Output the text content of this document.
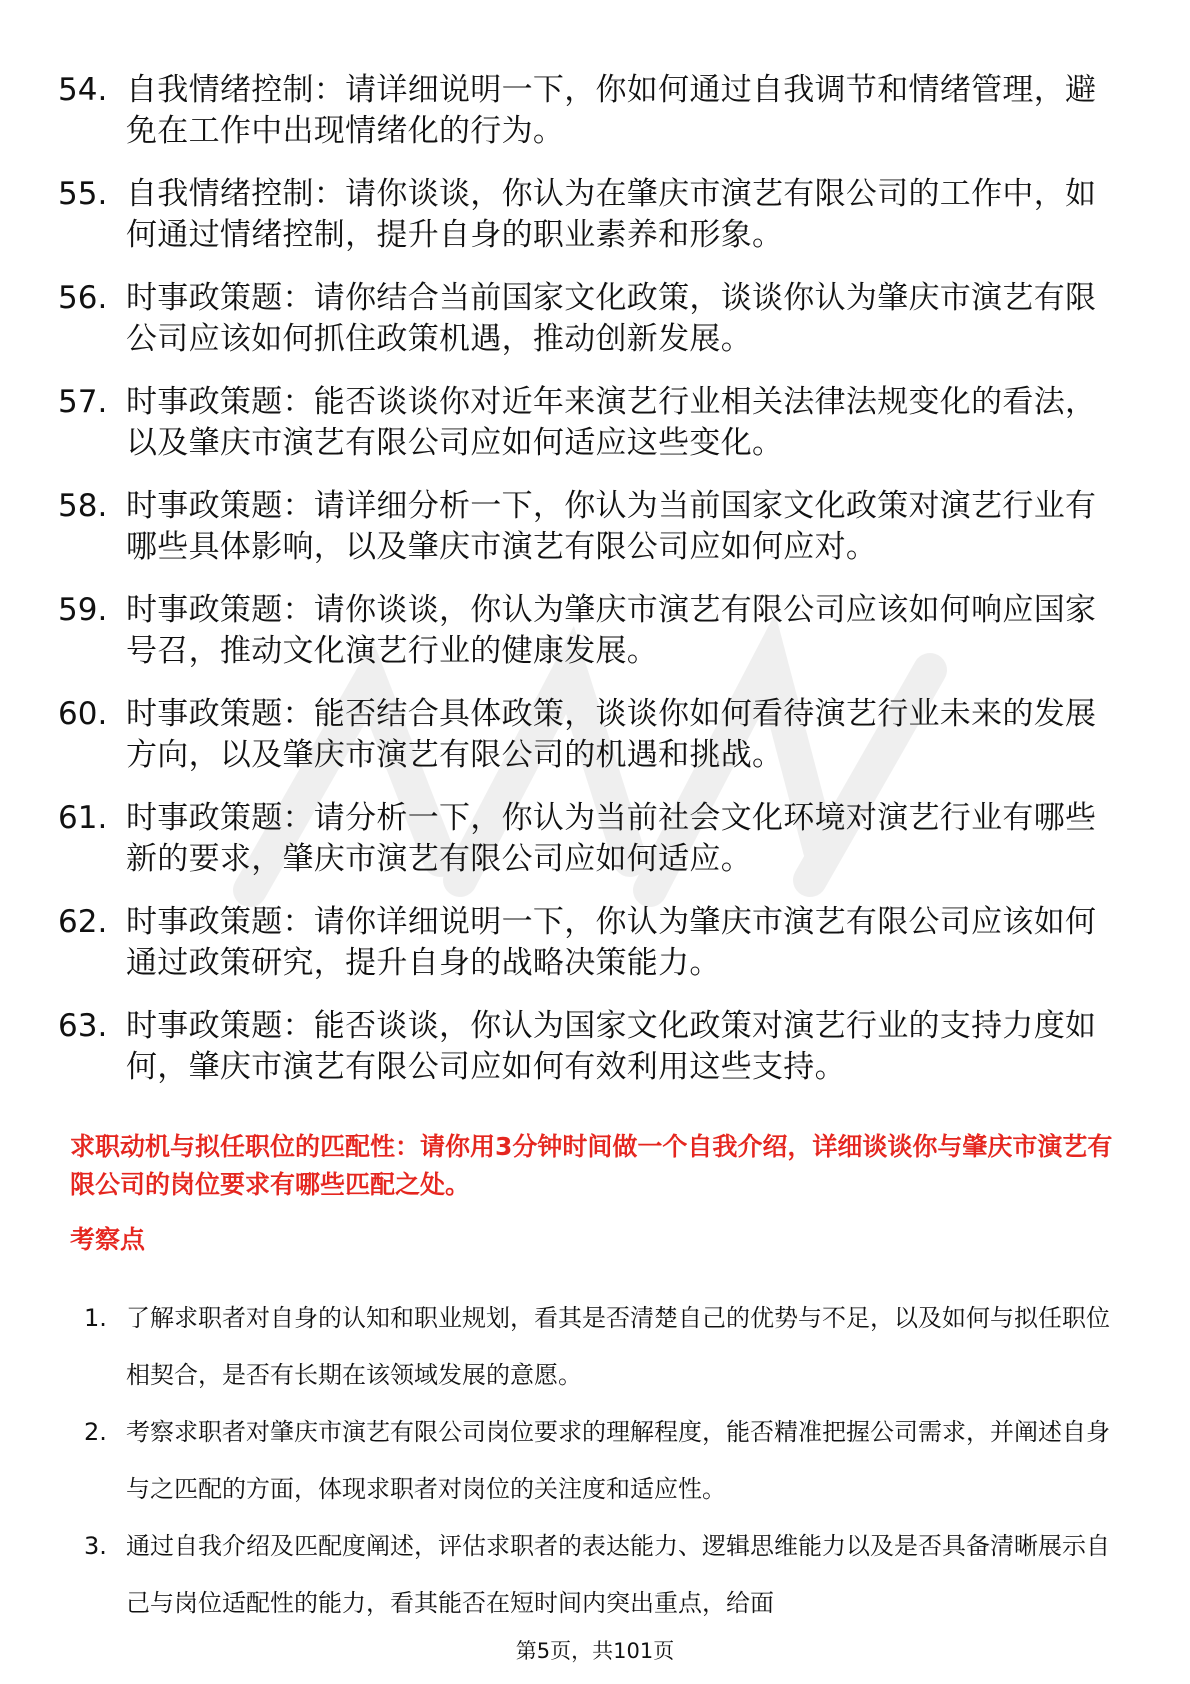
54. 自我情绪控制：请详细说明一下，你如何通过自我调节和情绪管理，避免在工作中出现情绪化的行为。
55. 自我情绪控制：请你谈谈，你认为在肇庆市演艺有限公司的工作中，如何通过情绪控制，提升自身的职业素养和形象。
56. 时事政策题：请你结合当前国家文化政策，谈谈你认为肇庆市演艺有限公司应该如何抓住政策机遇，推动创新发展。
57. 时事政策题：能否谈谈你对近年来演艺行业相关法律法规变化的看法，以及肇庆市演艺有限公司应如何适应这些变化。
58. 时事政策题：请详细分析一下，你认为当前国家文化政策对演艺行业有哪些具体影响，以及肇庆市演艺有限公司应如何应对。
59. 时事政策题：请你谈谈，你认为肇庆市演艺有限公司应该如何响应国家号召，推动文化演艺行业的健康发展。
60. 时事政策题：能否结合具体政策，谈谈你如何看待演艺行业未来的发展方向，以及肇庆市演艺有限公司的机遇和挑战。
61. 时事政策题：请分析一下，你认为当前社会文化环境对演艺行业有哪些新的要求，肇庆市演艺有限公司应如何适应。
62. 时事政策题：请你详细说明一下，你认为肇庆市演艺有限公司应该如何通过政策研究，提升自身的战略决策能力。
63. 时事政策题：能否谈谈，你认为国家文化政策对演艺行业的支持力度如何，肇庆市演艺有限公司应如何有效利用这些支持。
求职动机与拟任职位的匹配性：请你用3分钟时间做一个自我介绍，详细谈谈你与肇庆市演艺有限公司的岗位要求有哪些匹配之处。
考察点
1. 了解求职者对自身的认知和职业规划，看其是否清楚自己的优势与不足，以及如何与拟任职位相契合，是否有长期在该领域发展的意愿。
2. 考察求职者对肇庆市演艺有限公司岗位要求的理解程度，能否精准把握公司需求，并阐述自身与之匹配的方面，体现求职者对岗位的关注度和适应性。
3. 通过自我介绍及匹配度阐述，评估求职者的表达能力、逻辑思维能力以及是否具备清晰展示自己与岗位适配性的能力，看其能否在短时间内突出重点，给面
第5页，共101页
